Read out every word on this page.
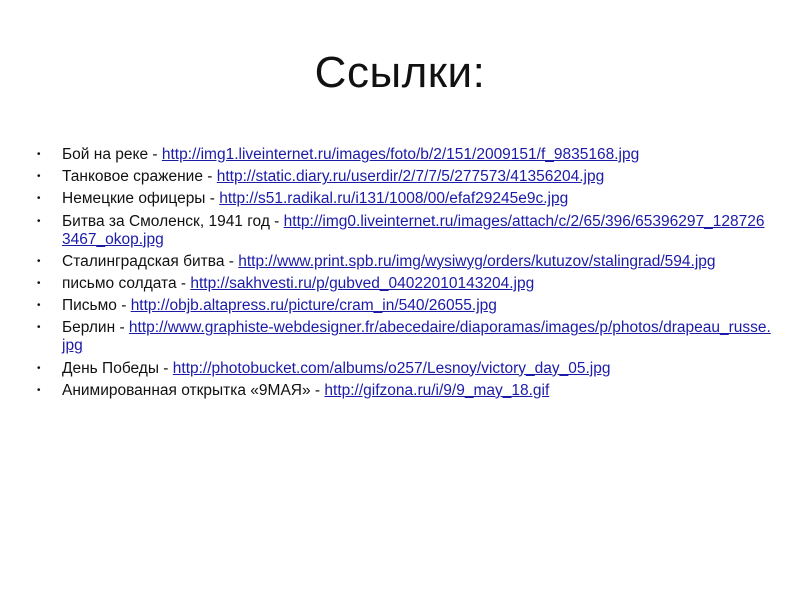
Ссылки:
• Бой на реке - http://img1.liveinternet.ru/images/foto/b/2/151/2009151/f_9835168.jpg
• Танковое сражение - http://static.diary.ru/userdir/2/7/7/5/277573/41356204.jpg
• Немецкие офицеры - http://s51.radikal.ru/i131/1008/00/efaf29245e9c.jpg
• Битва за Смоленск, 1941 год - http://img0.liveinternet.ru/images/attach/c/2/65/396/65396297_1287263467_okop.jpg
• Сталинградская битва - http://www.print.spb.ru/img/wysiwyg/orders/kutuzov/stalingrad/594.jpg
• письмо солдата - http://sakhvesti.ru/p/gubved_04022010143204.jpg
• Письмо - http://objb.altapress.ru/picture/cram_in/540/26055.jpg
• Берлин - http://www.graphiste-webdesigner.fr/abecedaire/diaporamas/images/p/photos/drapeau_russe.jpg
• День Победы - http://photobucket.com/albums/o257/Lesnoy/victory_day_05.jpg
• Анимированная открытка «9МАЯ» - http://gifzona.ru/i/9/9_may_18.gif
